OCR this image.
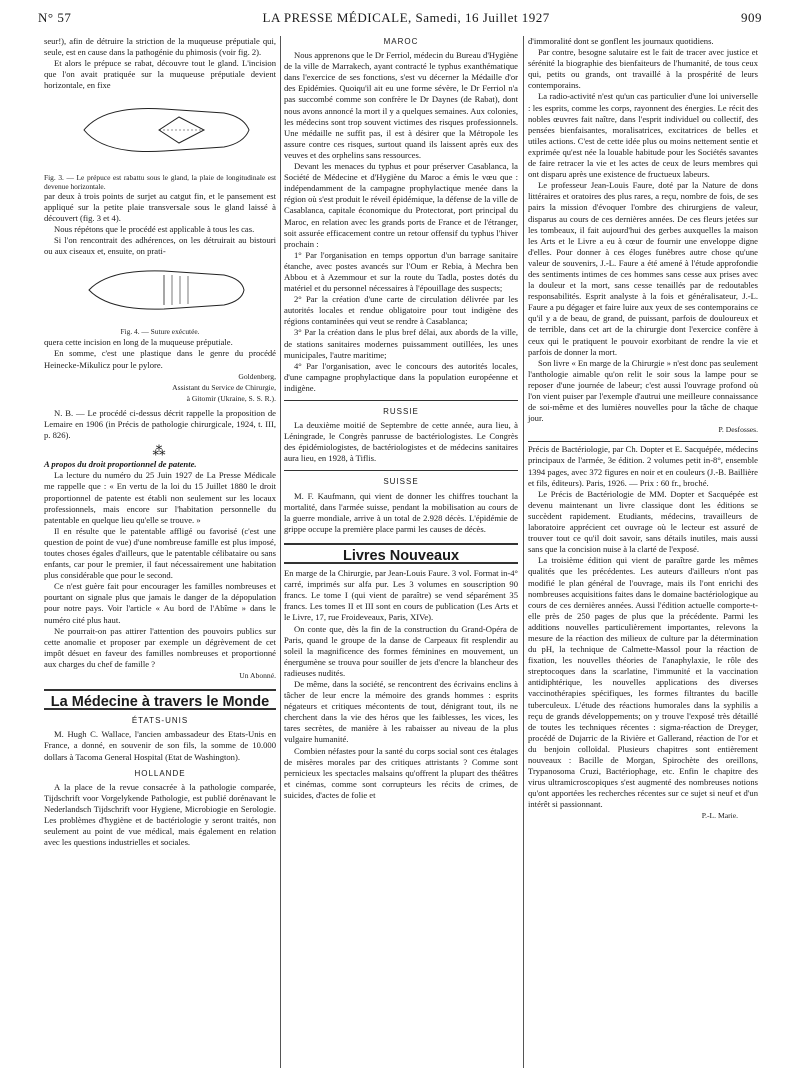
N° 57	LA PRESSE MÉDICALE, Samedi, 16 Juillet 1927	909

seur!), afin de détruire la striction de la muqueuse préputiale qui, seule, est en cause dans la pathogénie du phimosis (voir fig. 2).

Et alors le prépuce se rabat, découvre tout le gland. L'incision que l'on avait pratiquée sur la muqueuse préputiale devient horizontale, en fixe

Fig. 3. — Le prépuce est rabattu sous le gland, la plaie de longitudinale est devenue horizontale.

par deux à trois points de surjet au catgut fin, et le pansement est appliqué sur la petite plaie transversale sous le gland laissé à découvert (fig. 3 et 4).

Nous répétons que le procédé est applicable à tous les cas.

Si l'on rencontrait des adhérences, on les détruirait au bistouri ou aux ciseaux et, ensuite, on prati-

Fig. 4. — Suture exécutée.

quera cette incision en long de la muqueuse préputiale.

En somme, c'est une plastique dans le genre du procédé Heinecke-Mikulicz pour le pylore.

Goldenberg,
Assistant du Service de Chirurgie,
à Gitomir (Ukraine, S. S. R.).

N. B. — Le procédé ci-dessus décrit rappelle la proposition de Lemaire en 1906 (in Précis de pathologie chirurgicale, 1924, t. III, p. 826).

⁂

A propos du droit proportionnel de patente.

La lecture du numéro du 25 Juin 1927 de La Presse Médicale me rappelle que : « En vertu de la loi du 15 Juillet 1880 le droit proportionnel de patente est établi non seulement sur les locaux professionnels, mais encore sur l'habitation personnelle du patentable en quelque lieu qu'elle se trouve. »

Il en résulte que le patentable affligé ou favorisé (c'est une question de point de vue) d'une nombreuse famille est plus imposé, toutes choses égales d'ailleurs, que le patentable célibataire ou sans enfants, car pour le premier, il faut nécessairement une habitation plus considérable que pour le second.

Ce n'est guère fait pour encourager les familles nombreuses et pourtant on signale plus que jamais le danger de la dépopulation pour notre pays. Voir l'article « Au bord de l'Abîme » dans le numéro cité plus haut.

Ne pourrait-on pas attirer l'attention des pouvoirs publics sur cette anomalie et proposer par exemple un dégrèvement de cet impôt désuet en faveur des familles nombreuses et proportionné aux charges du chef de famille ?

Un Abonné.
La Médecine à travers le Monde
ÉTATS-UNIS

M. Hugh C. Wallace, l'ancien ambassadeur des Etats-Unis en France, a donné, en souvenir de son fils, la somme de 10.000 dollars à Tacoma General Hospital (Etat de Washington).

HOLLANDE

A la place de la revue consacrée à la pathologie comparée, Tijdschrift voor Vorgelykende Pathologie, est publié dorénavant le Nederlandsch Tijdschrift voor Hygiene, Microbiogie en Serologie. Les problèmes d'hygiène et de bactériologie y seront traités, non seulement au point de vue médical, mais également en relation avec les questions industrielles et sociales.

MAROC

Nous apprenons que le Dr Ferriol, médecin du Bureau d'Hygiène de la ville de Marrakech, ayant contracté le typhus exanthématique dans l'exercice de ses fonctions, s'est vu décerner la Médaille d'or des Epidémies. Quoiqu'il ait eu une forme sévère, le Dr Ferriol n'a pas succombé comme son confrère le Dr Daynes (de Rabat), dont nous avons annoncé la mort il y a quelques semaines. Aux colonies, les médecins sont trop souvent victimes des risques professionnels. Une médaille ne suffit pas, il est à désirer que la Métropole les assure contre ces risques, surtout quand ils laissent après eux des veuves et des orphelins sans ressources.

Devant les menaces du typhus et pour préserver Casablanca, la Société de Médecine et d'Hygiène du Maroc a émis le vœu que : indépendamment de la campagne prophylactique menée dans la région où s'est produit le réveil épidémique, la défense de la ville de Casablanca, capitale économique du Protectorat, port principal du Maroc, en relation avec les grands ports de France et de l'étranger, soit assurée efficacement contre un retour offensif du typhus l'hiver prochain :

1° Par l'organisation en temps opportun d'un barrage sanitaire étanche, avec postes avancés sur l'Oum er Rebia, à Mechra ben Abbou et à Azemmour et sur la route du Tadla, postes dotés du matériel et du personnel nécessaires à l'épouillage des suspects;

2° Par la création d'une carte de circulation délivrée par les autorités locales et rendue obligatoire pour tout indigène des régions contaminées qui veut se rendre à Casablanca;

3° Par la création dans le plus bref délai, aux abords de la ville, de stations sanitaires modernes puissamment outillées, les unes municipales, l'autre maritime;

4° Par l'organisation, avec le concours des autorités locales, d'une campagne prophylactique dans la population européenne et indigène.

RUSSIE

La deuxième moitié de Septembre de cette année, aura lieu, à Léningrade, le Congrès panrusse de bactériologistes. Le Congrès des épidémiologistes, de bactériologistes et de médecins sanitaires aura lieu, en 1928, à Tiflis.

SUISSE

M. F. Kaufmann, qui vient de donner les chiffres touchant la mortalité, dans l'armée suisse, pendant la mobilisation au cours de la guerre mondiale, arrive à un total de 2.928 décès. L'épidémie de grippe occupe la première place parmi les causes de décès.

Livres Nouveaux

En marge de la Chirurgie, par Jean-Louis Faure. 3 vol. Format in-4° carré, imprimés sur alfa pur. Les 3 volumes en souscription 90 francs. Le tome I (qui vient de paraître) se vend séparément 35 francs. Les tomes II et III sont en cours de publication (Les Arts et le Livre, 17, rue Froideveaux, Paris, XIVe).

On conte que, dès la fin de la construction du Grand-Opéra de Paris, quand le groupe de la danse de Carpeaux fit resplendir au soleil la magnificence des formes féminines en mouvement, un énergumène se trouva pour souiller de jets d'encre la blancheur des radieuses nudités.

De même, dans la société, se rencontrent des écrivains enclins à tâcher de leur encre la mémoire des grands hommes : esprits négateurs et critiques mécontents de tout, dénigrant tout, ils ne cherchent dans la vie des héros que les faiblesses, les vices, les tares secrètes, de manière à les rabaisser au niveau de la plus vulgaire humanité.

Combien néfastes pour la santé du corps social sont ces étalages de misères morales par des critiques attristants ? Comme sont pernicieux les spectacles malsains qu'offrent la plupart des théâtres et cinémas, comme sont corrupteurs les récits de crimes, de suicides, d'actes de folie et

d'immoralité dont se gonflent les journaux quotidiens.

Par contre, besogne salutaire est le fait de tracer avec justice et sérénité la biographie des bienfaiteurs de l'humanité, de tous ceux qui, petits ou grands, ont travaillé à la prospérité de leurs contemporains.

La radio-activité n'est qu'un cas particulier d'une loi universelle : les esprits, comme les corps, rayonnent des énergies. Le récit des nobles œuvres fait naître, dans l'esprit individuel ou collectif, des pensées bienfaisantes, moralisatrices, excitatrices de belles et utiles actions. C'est de cette idée plus ou moins nettement sentie et exprimée qu'est née la louable habitude pour les Sociétés savantes de faire retracer la vie et les actes de ceux de leurs membres qui ont disparu après une existence de fructueux labeurs.

Le professeur Jean-Louis Faure, doté par la Nature de dons littéraires et oratoires des plus rares, a reçu, nombre de fois, de ses pairs la mission d'évoquer l'ombre des chirurgiens de valeur, disparus au cours de ces dernières années. De ces fleurs jetées sur les tombeaux, il fait aujourd'hui des gerbes auxquelles la maison les Arts et le Livre a eu à cœur de fournir une enveloppe digne d'elles. Pour donner à ces éloges funèbres autre chose qu'une valeur de souvenirs, J.-L. Faure a été amené à l'étude approfondie des sentiments intimes de ces hommes sans cesse aux prises avec la douleur et la mort, sans cesse tenaillés par de redoutables responsabilités. Esprit analyste à la fois et généralisateur, J.-L. Faure a pu dégager et faire luire aux yeux de ses contemporains ce qu'il y a de beau, de grand, de puissant, parfois de douloureux et de terrible, dans cet art de la chirurgie dont l'exercice confère à ceux qui le pratiquent le pouvoir exorbitant de rendre la vie et parfois de donner la mort.

Son livre « En marge de la Chirurgie » n'est donc pas seulement l'anthologie aimable qu'on relit le soir sous la lampe pour se reposer d'une journée de labeur; c'est aussi l'ouvrage profond où l'on vient puiser par l'exemple d'autrui une meilleure connaissance de soi-même et des lumières nouvelles pour la tâche de chaque jour.

P. Desfosses.

Précis de Bactériologie, par Ch. Dopter et E. Sacquépée, médecins principaux de l'armée, 3e édition. 2 volumes petit in-8°, ensemble 1394 pages, avec 372 figures en noir et en couleurs (J.-B. Baillière et fils, éditeurs). Paris, 1926. — Prix : 60 fr., broché.

Le Précis de Bactériologie de MM. Dopter et Sacquépée est devenu maintenant un livre classique dont les éditions se succèdent rapidement. Etudiants, médecins, travailleurs de laboratoire apprécient cet ouvrage où le lecteur est assuré de trouver tout ce qu'il doit savoir, sans détails inutiles, mais aussi sans que la concision nuise à la clarté de l'exposé.

La troisième édition qui vient de paraître garde les mêmes qualités que les précédentes. Les auteurs d'ailleurs n'ont pas modifié le plan général de l'ouvrage, mais ils l'ont enrichi des nombreuses acquisitions faites dans le domaine bactériologique au cours de ces dernières années. Aussi l'édition actuelle comporte-t-elle près de 250 pages de plus que la précédente. Parmi les additions nouvelles particulièrement importantes, relevons la mesure de la réaction des milieux de culture par la détermination du pH, la technique de Calmette-Massol pour la réaction de fixation, les nouvelles théories de l'anaphylaxie, le rôle des streptocoques dans la scarlatine, l'immunité et la vaccination antidiphtérique, les nouvelles applications des diverses vaccinothérapies spécifiques, les formes filtrantes du bacille tuberculeux. L'étude des réactions humorales dans la syphilis a reçu de grands développements; on y trouve l'exposé très détaillé de toutes les techniques récentes : sigma-réaction de Dreyger, procédé de Dujarric de la Rivière et Gallerand, réaction de l'or et du benjoin colloïdal. Plusieurs chapitres sont entièrement nouveaux : Bacille de Morgan, Spirochète des oreillons, Trypanosoma Cruzi, Bactériophage, etc. Enfin le chapitre des virus ultramicroscopiques s'est augmenté des nombreuses notions qu'ont apportées les recherches récentes sur ce sujet si neuf et d'un intérêt si passionnant.

P.-L. Marie.
